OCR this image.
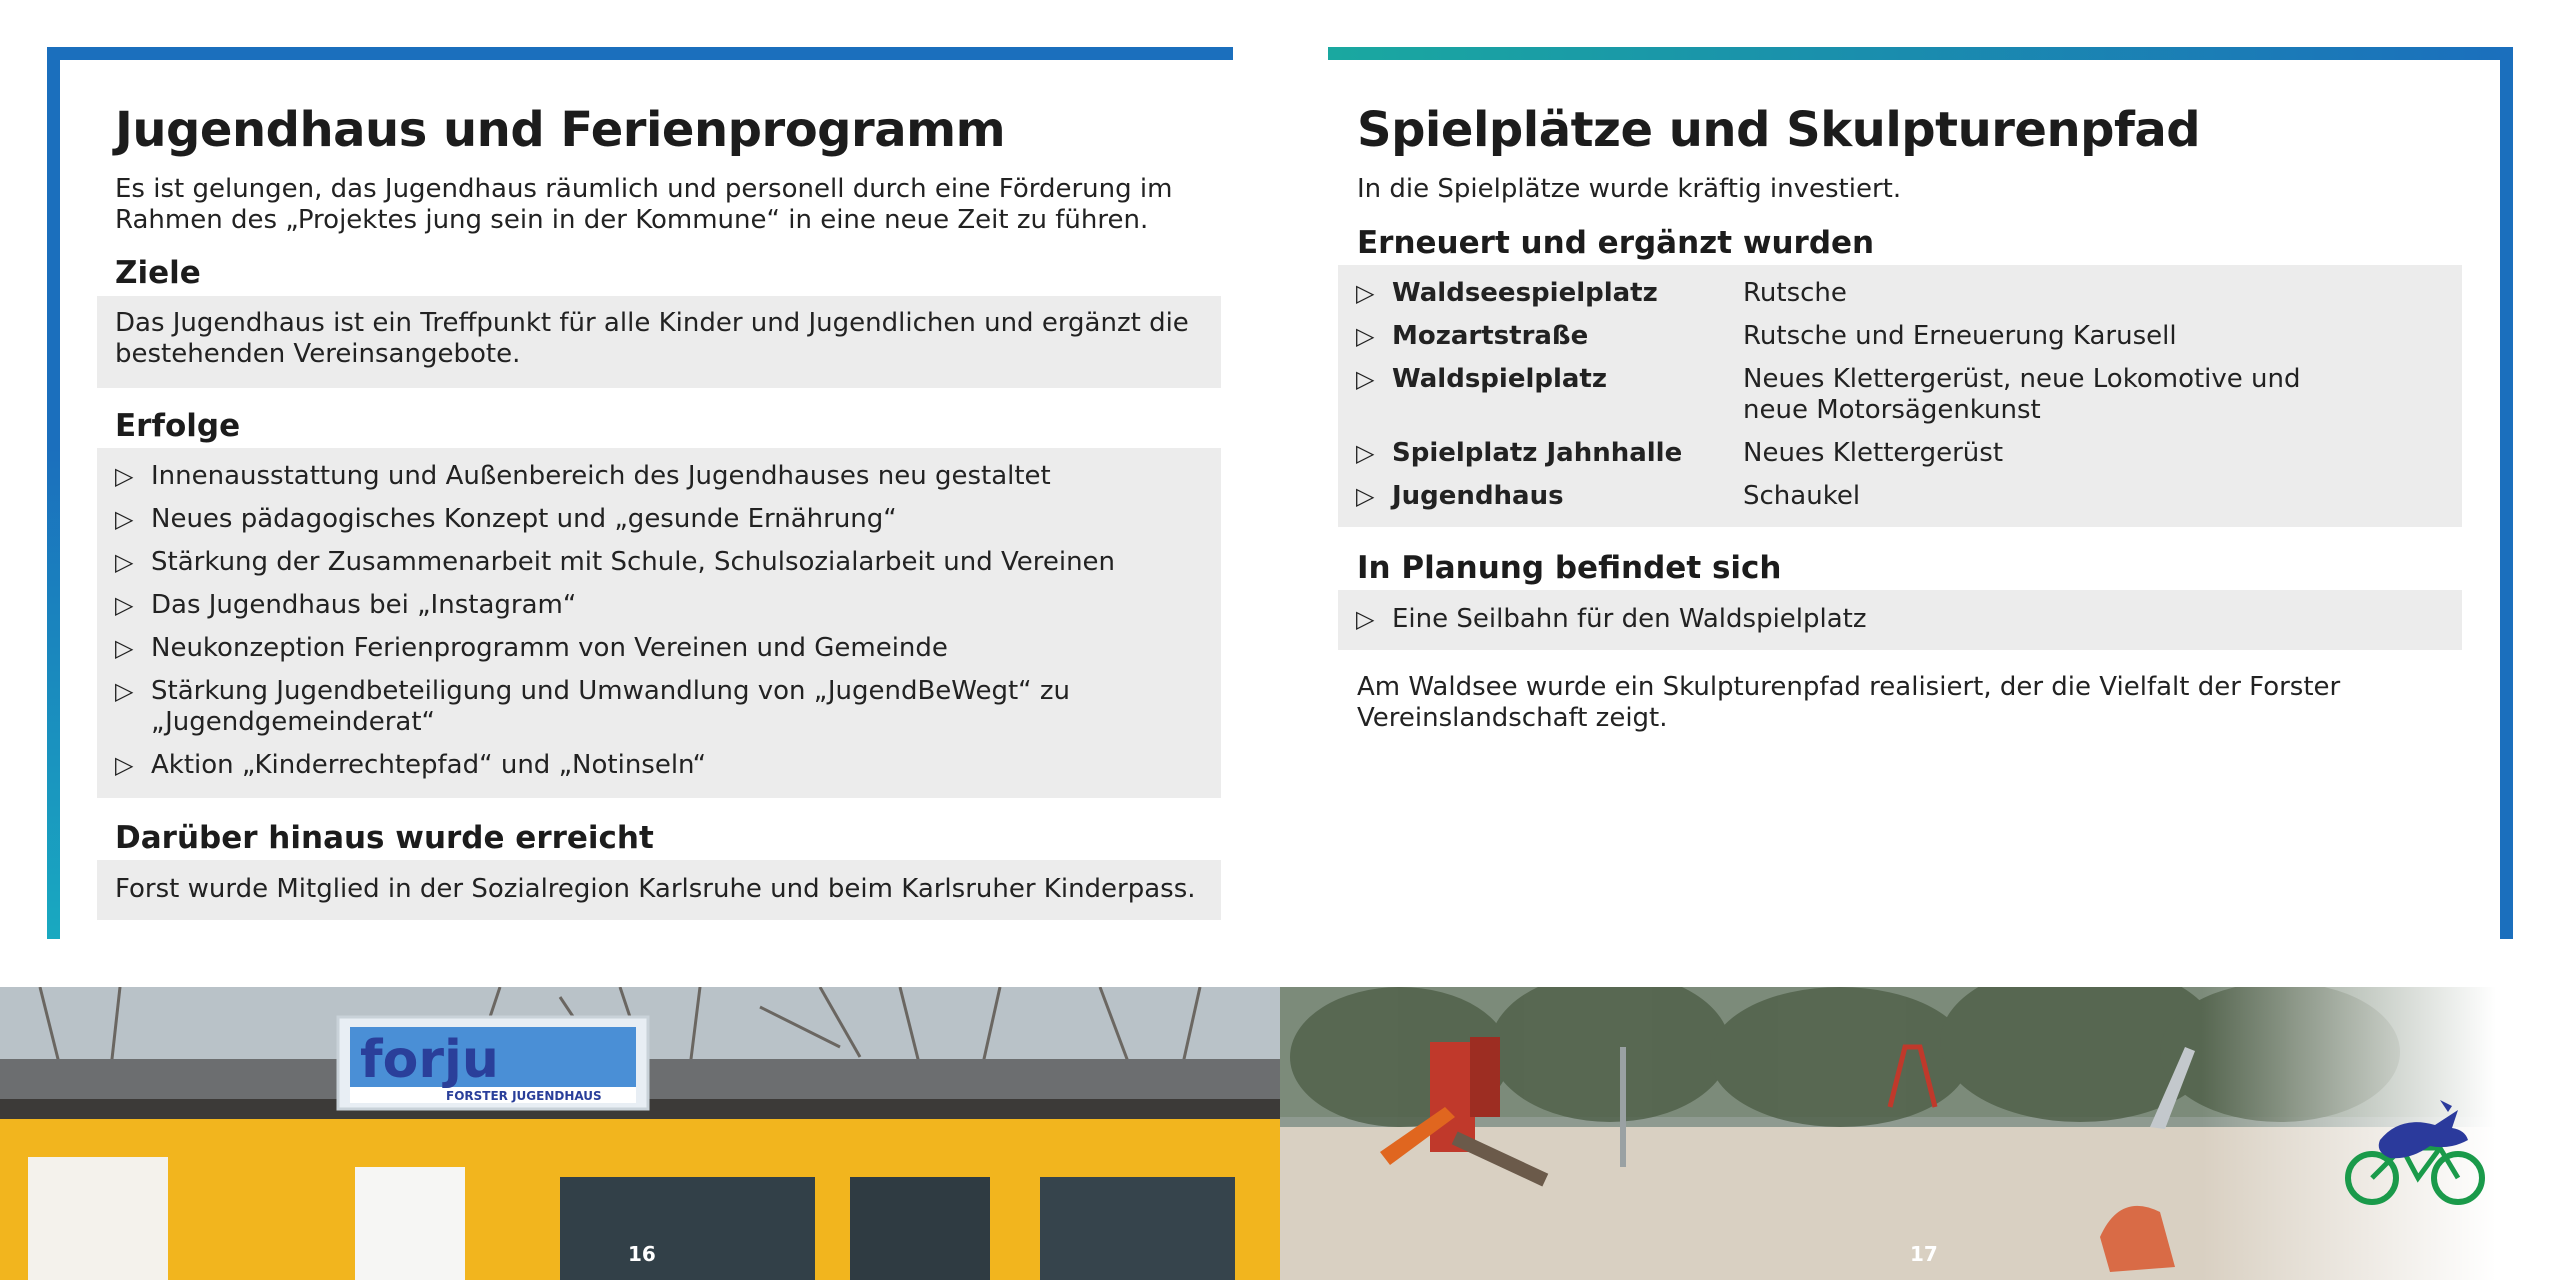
Jugendhaus und Ferienprogramm

Es ist gelungen, das Jugendhaus räumlich und personell durch eine Förderung im

Rahmen des „Projektes jung sein in der Kommune“ in eine neue Zeit zu führen.

Ziele

Das Jugendhaus ist ein Treffpunkt für alle Kinder und Jugendlichen und ergänzt die

bestehenden Vereinsangebote.

Erfolge
▷ Innenausstattung und Außenbereich des Jugendhauses neu gestaltet
▷ Neues pädagogisches Konzept und „gesunde Ernährung“
▷ Stärkung der Zusammenarbeit mit Schule, Schulsozialarbeit und Vereinen
▷ Das Jugendhaus bei „Instagram“
▷ Neukonzeption Ferienprogramm von Vereinen und Gemeinde
▷ Stärkung Jugendbeteiligung und Umwandlung von „JugendBeWegt“ zu
„Jugendgemeinderat“
▷ Aktion „Kinderrechtepfad“ und „Notinseln“
Darüber hinaus wurde erreicht

Forst wurde Mitglied in der Sozialregion Karlsruhe und beim Karlsruher Kinderpass.

Spielplätze und Skulpturenpfad

In die Spielplätze wurde kräftig investiert.

Erneuert und ergänzt wurden
▷ Waldseespielplatz	Rutsche
▷ Mozartstraße	Rutsche und Erneuerung Karusell
▷ Waldspielplatz	Neues Klettergerüst, neue Lokomotive und
neue Motorsägenkunst
▷ Spielplatz Jahnhalle	Neues Klettergerüst
▷ Jugendhaus	Schaukel
In Planung befindet sich
▷ Eine Seilbahn für den Waldspielplatz

Am Waldsee wurde ein Skulpturenpfad realisiert, der die Vielfalt der Forster

Vereinslandschaft zeigt.

forju
FORSTER JUGENDHAUS
16	17
